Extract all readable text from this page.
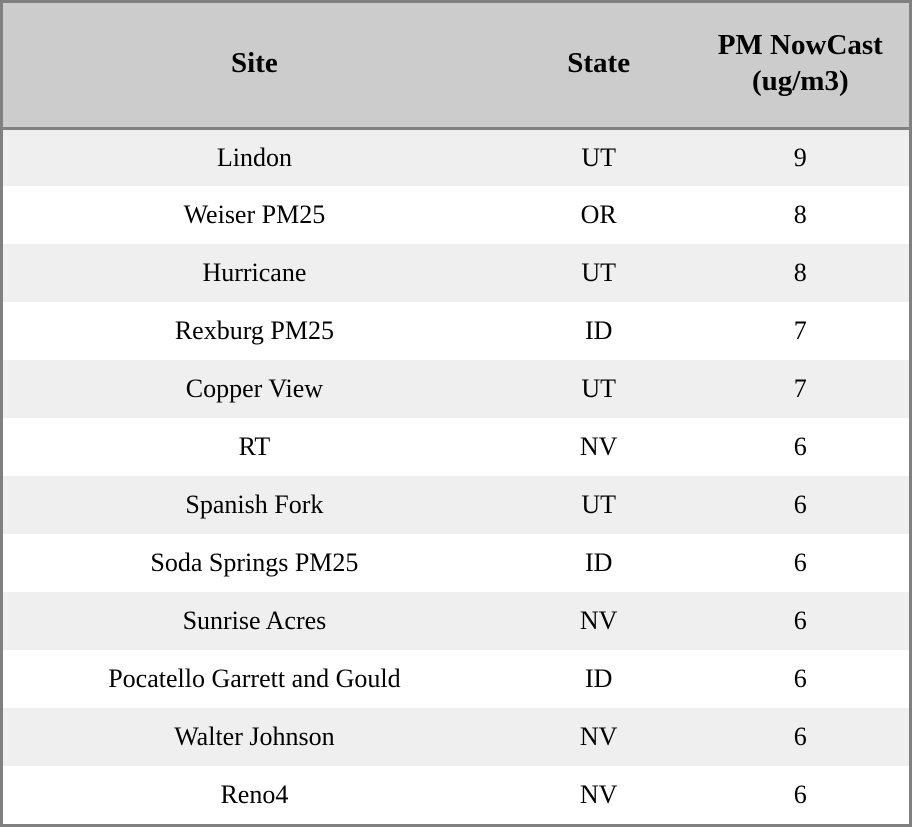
Site	State	PM NowCast (ug/m3)
Lindon	UT	9
Weiser PM25	OR	8
Hurricane	UT	8
Rexburg PM25	ID	7
Copper View	UT	7
RT	NV	6
Spanish Fork	UT	6
Soda Springs PM25	ID	6
Sunrise Acres	NV	6
Pocatello Garrett and Gould	ID	6
Walter Johnson	NV	6
Reno4	NV	6
